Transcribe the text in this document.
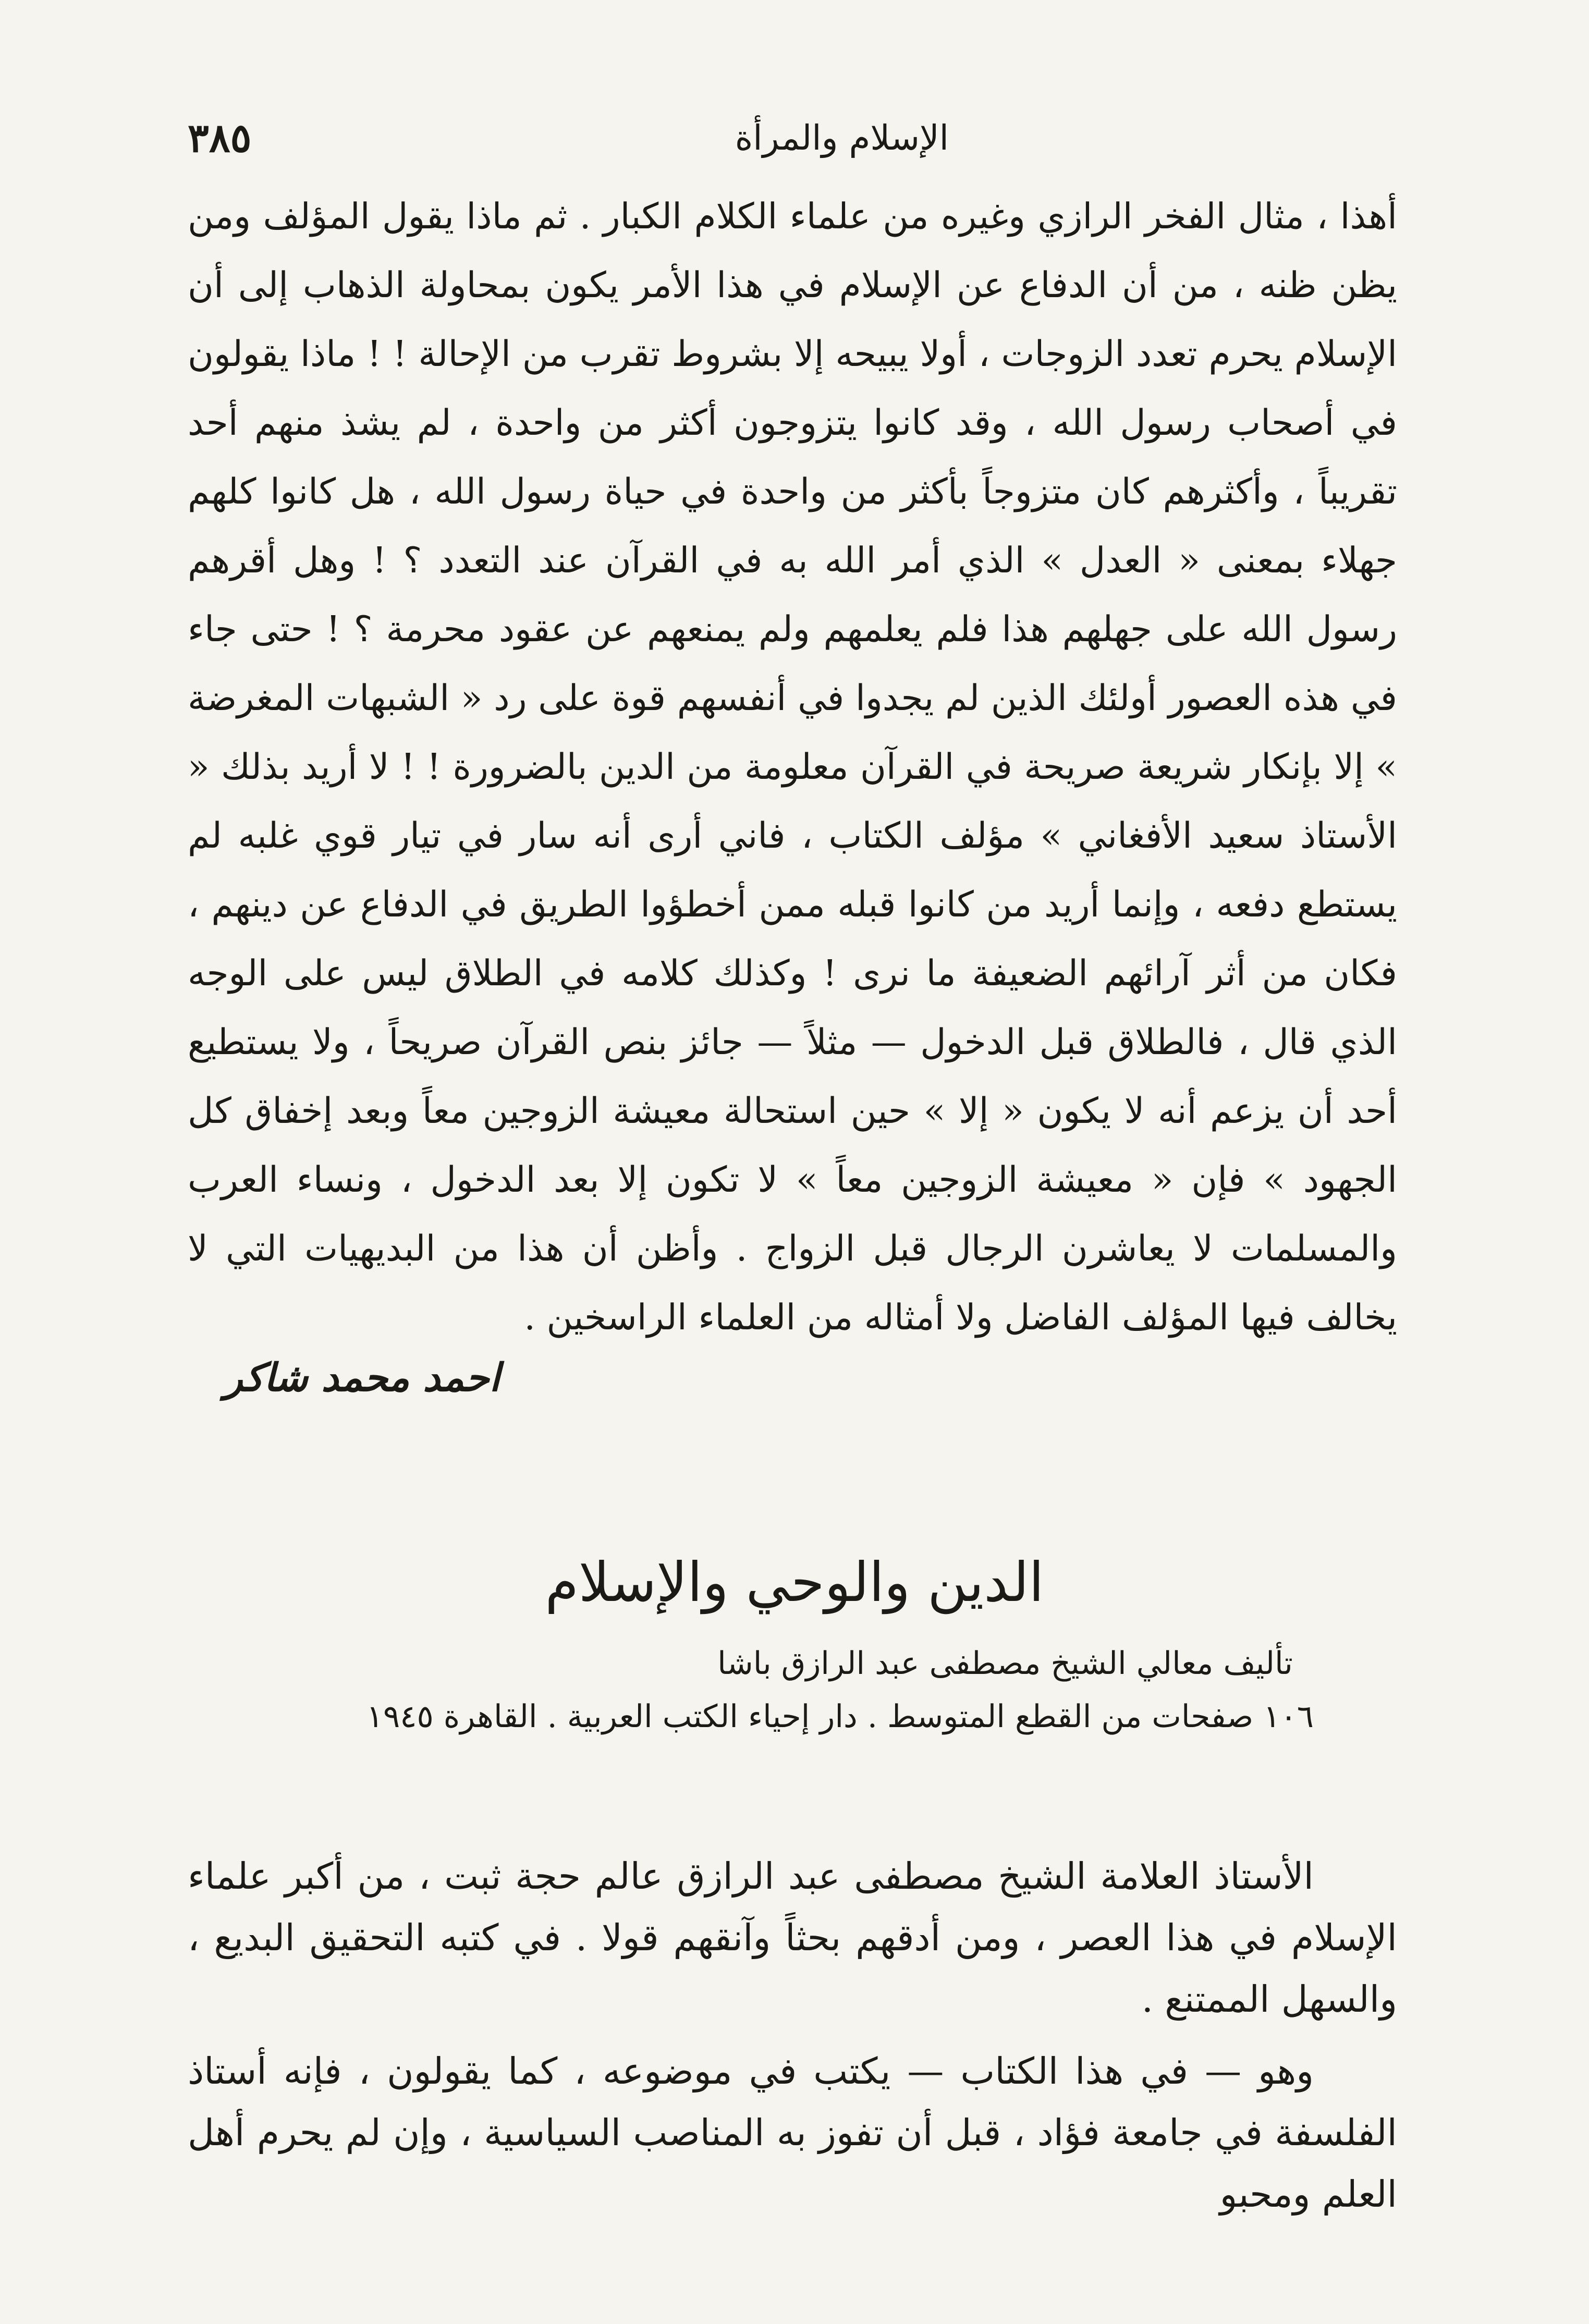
الإسلام والمرأة
٣٨٥

أهذا ، مثال الفخر الرازي وغيره من علماء الكلام الكبار . ثم ماذا يقول المؤلف ومن يظن ظنه ، من أن الدفاع عن الإسلام في هذا الأمر يكون بمحاولة الذهاب إلى أن الإسلام يحرم تعدد الزوجات ، أولا يبيحه إلا بشروط تقرب من الإحالة ! ! ماذا يقولون في أصحاب رسول الله ، وقد كانوا يتزوجون أكثر من واحدة ، لم يشذ منهم أحد تقريباً ، وأكثرهم كان متزوجاً بأكثر من واحدة في حياة رسول الله ، هل كانوا كلهم جهلاء بمعنى « العدل » الذي أمر الله به في القرآن عند التعدد ؟ ! وهل أقرهم رسول الله على جهلهم هذا فلم يعلمهم ولم يمنعهم عن عقود محرمة ؟ ! حتى جاء في هذه العصور أولئك الذين لم يجدوا في أنفسهم قوة على رد « الشبهات المغرضة » إلا بإنكار شريعة صريحة في القرآن معلومة من الدين بالضرورة ! ! لا أريد بذلك « الأستاذ سعيد الأفغاني » مؤلف الكتاب ، فاني أرى أنه سار في تيار قوي غلبه لم يستطع دفعه ، وإنما أريد من كانوا قبله ممن أخطؤوا الطريق في الدفاع عن دينهم ، فكان من أثر آرائهم الضعيفة ما نرى ! وكذلك كلامه في الطلاق ليس على الوجه الذي قال ، فالطلاق قبل الدخول — مثلاً — جائز بنص القرآن صريحاً ، ولا يستطيع أحد أن يزعم أنه لا يكون « إلا » حين استحالة معيشة الزوجين معاً وبعد إخفاق كل الجهود » فإن « معيشة الزوجين معاً » لا تكون إلا بعد الدخول ، ونساء العرب والمسلمات لا يعاشرن الرجال قبل الزواج . وأظن أن هذا من البديهيات التي لا يخالف فيها المؤلف الفاضل ولا أمثاله من العلماء الراسخين .

احمد محمد شاكر
الدين والوحي والإسلام
تأليف معالي الشيخ مصطفى عبد الرازق باشا
١٠٦ صفحات من القطع المتوسط . دار إحياء الكتب العربية . القاهرة ١٩٤٥

الأستاذ العلامة الشيخ مصطفى عبد الرازق عالم حجة ثبت ، من أكبر علماء الإسلام في هذا العصر ، ومن أدقهم بحثاً وآنقهم قولا . في كتبه التحقيق البديع ، والسهل الممتنع .

وهو — في هذا الكتاب — يكتب في موضوعه ، كما يقولون ، فإنه أستاذ الفلسفة في جامعة فؤاد ، قبل أن تفوز به المناصب السياسية ، وإن لم يحرم أهل العلم ومحبو
